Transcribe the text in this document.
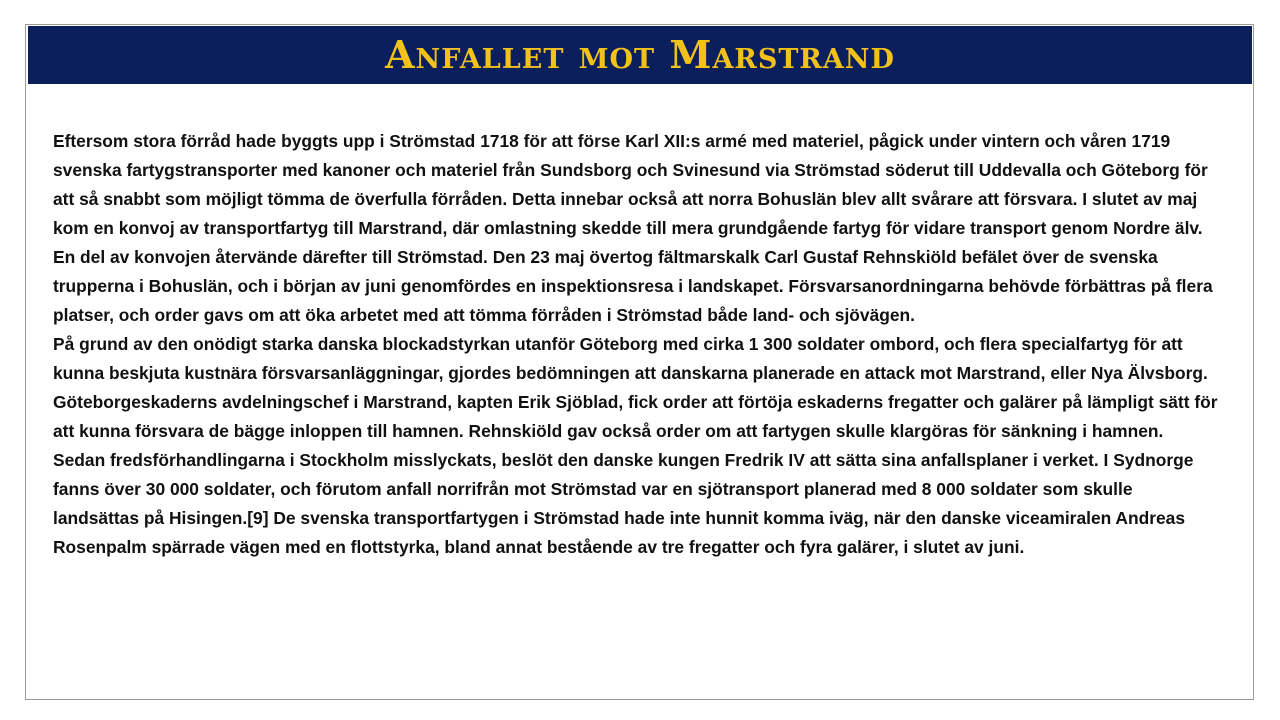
Anfallet mot Marstrand

Eftersom stora förråd hade byggts upp i Strömstad 1718 för att förse Karl XII:s armé med materiel, pågick under vintern och våren 1719 svenska fartygstransporter med kanoner och materiel från Sundsborg och Svinesund via Strömstad söderut till Uddevalla och Göteborg för att så snabbt som möjligt tömma de överfulla förråden. Detta innebar också att norra Bohuslän blev allt svårare att försvara. I slutet av maj kom en konvoj av transportfartyg till Marstrand, där omlastning skedde till mera grundgående fartyg för vidare transport genom Nordre älv. En del av konvojen återvände därefter till Strömstad. Den 23 maj övertog fältmarskalk Carl Gustaf Rehnskiöld befälet över de svenska trupperna i Bohuslän, och i början av juni genomfördes en inspektionsresa i landskapet. Försvarsanordningarna behövde förbättras på flera platser, och order gavs om att öka arbetet med att tömma förråden i Strömstad både land- och sjövägen.

På grund av den onödigt starka danska blockadstyrkan utanför Göteborg med cirka 1 300 soldater ombord, och flera specialfartyg för att kunna beskjuta kustnära försvarsanläggningar, gjordes bedömningen att danskarna planerade en attack mot Marstrand, eller Nya Älvsborg. Göteborgeskaderns avdelningschef i Marstrand, kapten Erik Sjöblad, fick order att förtöja eskaderns fregatter och galärer på lämpligt sätt för att kunna försvara de bägge inloppen till hamnen. Rehnskiöld gav också order om att fartygen skulle klargöras för sänkning i hamnen.

Sedan fredsförhandlingarna i Stockholm misslyckats, beslöt den danske kungen Fredrik IV att sätta sina anfallsplaner i verket. I Sydnorge fanns över 30 000 soldater, och förutom anfall norrifrån mot Strömstad var en sjötransport planerad med 8 000 soldater som skulle landsättas på Hisingen.[9] De svenska transportfartygen i Strömstad hade inte hunnit komma iväg, när den danske viceamiralen Andreas Rosenpalm spärrade vägen med en flottstyrka, bland annat bestående av tre fregatter och fyra galärer, i slutet av juni.
